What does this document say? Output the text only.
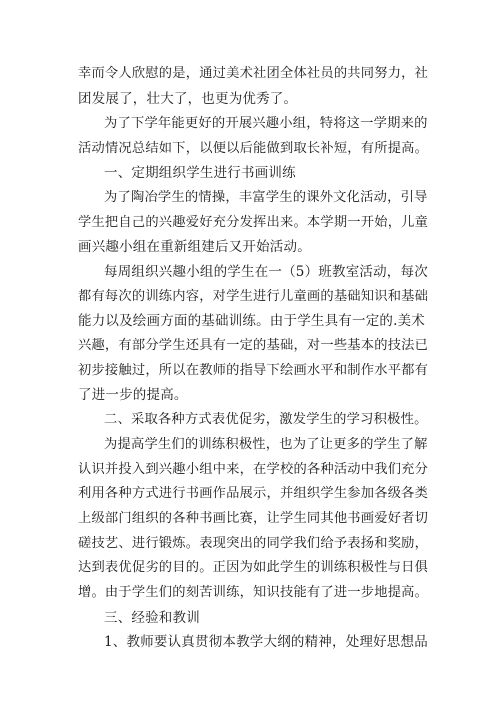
幸而令人欣慰的是，通过美术社团全体社员的共同努力，社
团发展了，壮大了，也更为优秀了。
为了下学年能更好的开展兴趣小组，特将这一学期来的
活动情况总结如下，以便以后能做到取长补短，有所提高。
一、定期组织学生进行书画训练
为了陶冶学生的情操，丰富学生的课外文化活动，引导
学生把自己的兴趣爱好充分发挥出来。本学期一开始，儿童
画兴趣小组在重新组建后又开始活动。
每周组织兴趣小组的学生在一（5）班教室活动，每次
都有每次的训练内容，对学生进行儿童画的基础知识和基础
能力以及绘画方面的基础训练。由于学生具有一定的.美术
兴趣，有部分学生还具有一定的基础，对一些基本的技法已
初步接触过，所以在教师的指导下绘画水平和制作水平都有
了进一步的提高。
二、采取各种方式表优促劣，激发学生的学习积极性。
为提高学生们的训练积极性，也为了让更多的学生了解
认识并投入到兴趣小组中来，在学校的各种活动中我们充分
利用各种方式进行书画作品展示，并组织学生参加各级各类
上级部门组织的各种书画比赛，让学生同其他书画爱好者切
磋技艺、进行锻炼。表现突出的同学我们给予表扬和奖励，
达到表优促劣的目的。正因为如此学生的训练积极性与日俱
增。由于学生们的刻苦训练，知识技能有了进一步地提高。
三、经验和教训
1、教师要认真贯彻本教学大纲的精神，处理好思想品
